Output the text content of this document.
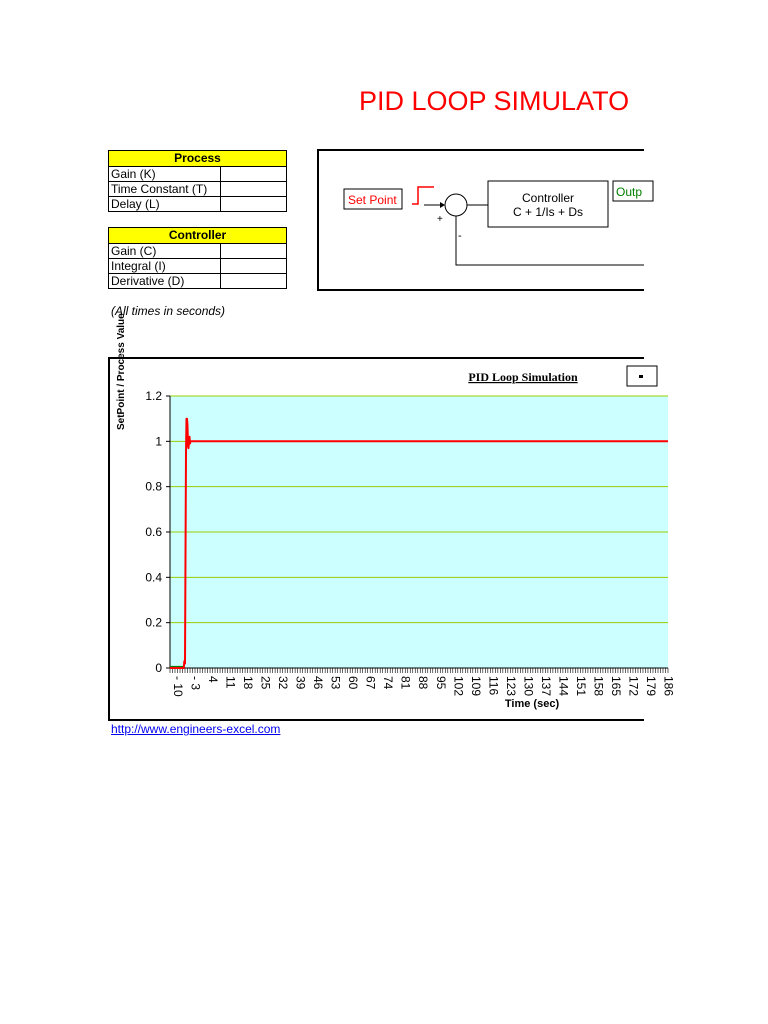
PID LOOP SIMULATO
Process	
Gain (K)	
Time Constant (T)	
Delay (L)	
Controller	
Gain (C)	
Integral (I)	
Derivative (D)	
Set Point
+
-
Controller
C + 1/Is + Ds
Outp
(All times in seconds)
PID Loop Simulation
0
0.2
0.4
0.6
0.8
1
1.2
- 10 - 3 4 11 18 25 32 39 46 53 60 67 74 81 88 95 102 109 116 123 130 137 144 151 158 165 172 179 186
Time (sec)
SetPoint / Process Value
http://www.engineers-excel.com
